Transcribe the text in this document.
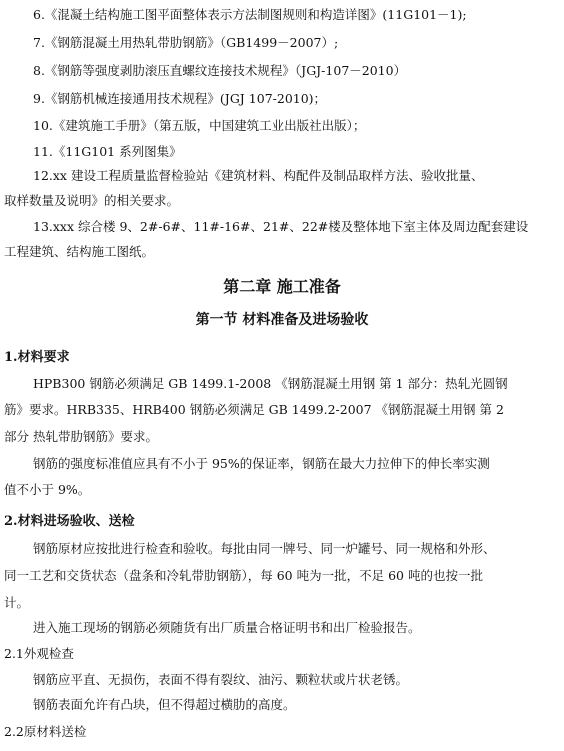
6.《混凝土结构施工图平面整体表示方法制图规则和构造详图》(11G101－1);
7.《钢筋混凝土用热轧带肋钢筋》（GB1499－2007）;
8.《钢筋等强度剥肋滚压直螺纹连接技术规程》（JGJ-107－2010）
9.《钢筋机械连接通用技术规程》(JGJ 107-2010)；
10.《建筑施工手册》（第五版，中国建筑工业出版社出版）；
11.《11G101 系列图集》
12.xx 建设工程质量监督检验站《建筑材料、构配件及制品取样方法、验收批量、
取样数量及说明》的相关要求。
13.xxx 综合楼 9、2#-6#、11#-16#、21#、22#楼及整体地下室主体及周边配套建设
工程建筑、结构施工图纸。
第二章 施工准备
第一节 材料准备及进场验收
1.材料要求
HPB300 钢筋必须满足 GB 1499.1-2008 《钢筋混凝土用钢 第 1 部分：热轧光圆钢
筋》要求。HRB335、HRB400 钢筋必须满足 GB 1499.2-2007 《钢筋混凝土用钢 第 2
部分 热轧带肋钢筋》要求。
钢筋的强度标准值应具有不小于 95%的保证率，钢筋在最大力拉伸下的伸长率实测
值不小于 9%。
2.材料进场验收、送检
钢筋原材应按批进行检查和验收。每批由同一牌号、同一炉罐号、同一规格和外形、
同一工艺和交货状态（盘条和冷轧带肋钢筋），每 60 吨为一批，不足 60 吨的也按一批
计。
进入施工现场的钢筋必须随货有出厂质量合格证明书和出厂检验报告。
2.1外观检查
钢筋应平直、无损伤，表面不得有裂纹、油污、颗粒状或片状老锈。
钢筋表面允许有凸块，但不得超过横肋的高度。
2.2原材料送检
